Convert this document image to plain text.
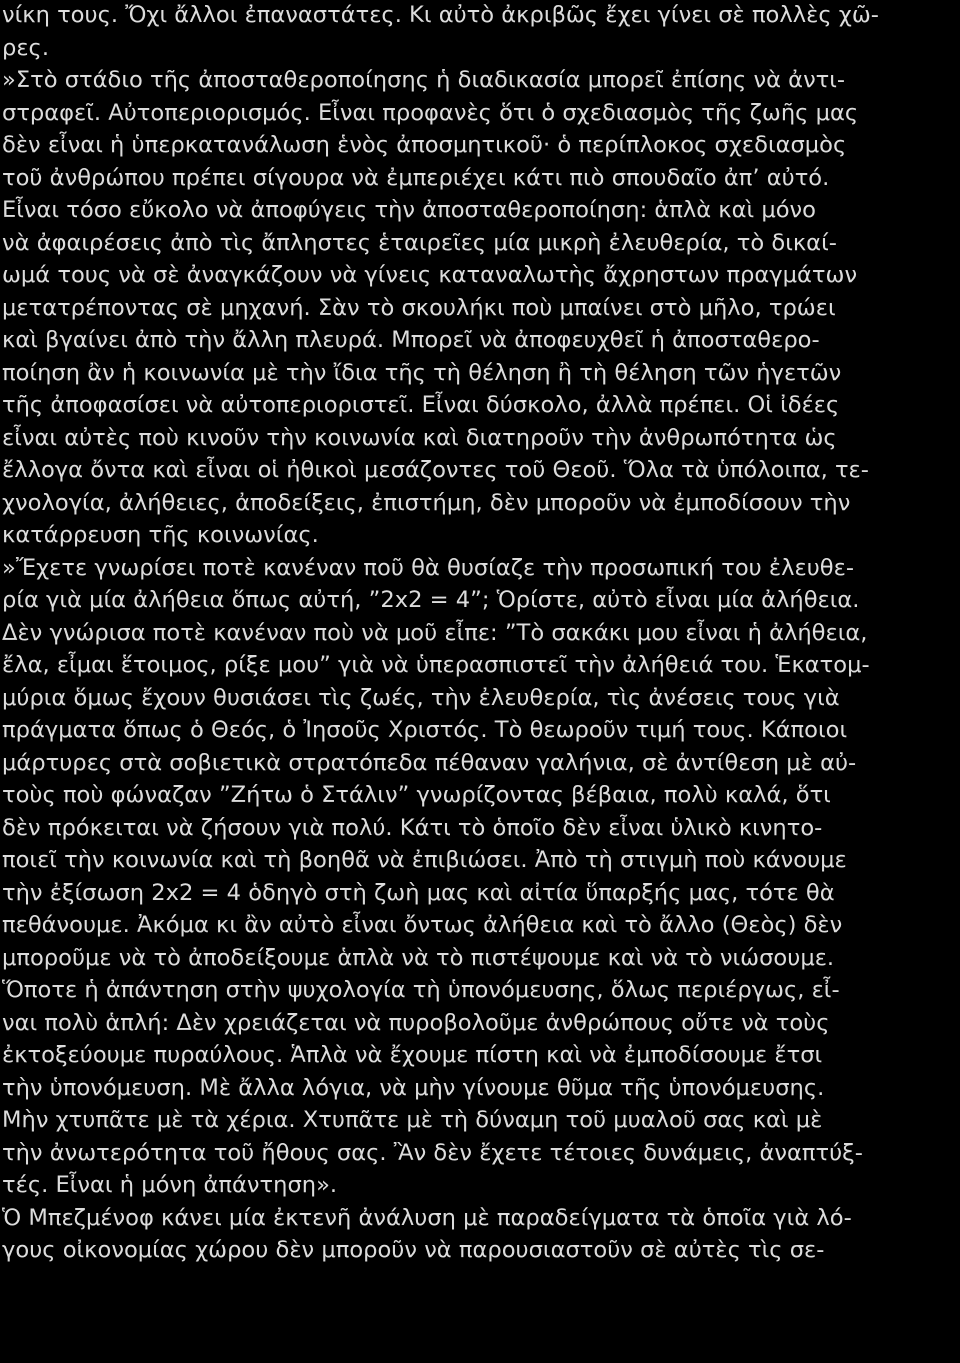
νίκη τους. Ὄχι ἄλλοι ἐπαναστάτες. Κι αὐτὸ ἀκριβῶς ἔχει γίνει σὲ πολλὲς χῶ-
ρες.
»Στὸ στάδιο τῆς ἀποσταθεροποίησης ἡ διαδικασία μπορεῖ ἐπίσης νὰ ἀντι-
στραφεῖ. Αὐτοπεριορισμός. Εἶναι προφανὲς ὅτι ὁ σχεδιασμὸς τῆς ζωῆς μας
δὲν εἶναι ἡ ὑπερκατανάλωση ἑνὸς ἀποσμητικοῦ· ὁ περίπλοκος σχεδιασμὸς
τοῦ ἀνθρώπου πρέπει σίγουρα νὰ ἐμπεριέχει κάτι πιὸ σπουδαῖο ἀπ’ αὐτό.
Εἶναι τόσο εὔκολο νὰ ἀποφύγεις τὴν ἀποσταθεροποίηση: ἁπλὰ καὶ μόνο
νὰ ἀφαιρέσεις ἀπὸ τὶς ἄπληστες ἑταιρεῖες μία μικρὴ ἐλευθερία, τὸ δικαί-
ωμά τους νὰ σὲ ἀναγκάζουν νὰ γίνεις καταναλωτὴς ἄχρηστων πραγμάτων
μετατρέποντας σὲ μηχανή. Σὰν τὸ σκουλήκι ποὺ μπαίνει στὸ μῆλο, τρώει
καὶ βγαίνει ἀπὸ τὴν ἄλλη πλευρά. Μπορεῖ νὰ ἀποφευχθεῖ ἡ ἀποσταθερο-
ποίηση ἂν ἡ κοινωνία μὲ τὴν ἴδια τῆς τὴ θέληση ἢ τὴ θέληση τῶν ἡγετῶν
τῆς ἀποφασίσει νὰ αὐτοπεριοριστεῖ. Εἶναι δύσκολο, ἀλλὰ πρέπει. Οἱ ἰδέες
εἶναι αὐτὲς ποὺ κινοῦν τὴν κοινωνία καὶ διατηροῦν τὴν ἀνθρωπότητα ὡς
ἔλλογα ὄντα καὶ εἶναι οἱ ἠθικοὶ μεσάζοντες τοῦ Θεοῦ. Ὅλα τὰ ὑπόλοιπα, τε-
χνολογία, ἀλήθειες, ἀποδείξεις, ἐπιστήμη, δὲν μποροῦν νὰ ἐμποδίσουν τὴν
κατάρρευση τῆς κοινωνίας.
»Ἔχετε γνωρίσει ποτὲ κανέναν ποῦ θὰ θυσίαζε τὴν προσωπική του ἐλευθε-
ρία γιὰ μία ἀλήθεια ὅπως αὐτή, ”2x2 = 4”; Ὁρίστε, αὐτὸ εἶναι μία ἀλήθεια.
Δὲν γνώρισα ποτὲ κανέναν ποὺ νὰ μοῦ εἶπε: ”Τὸ σακάκι μου εἶναι ἡ ἀλήθεια,
ἔλα, εἶμαι ἕτοιμος, ρίξε μου” γιὰ νὰ ὑπερασπιστεῖ τὴν ἀλήθειά του. Ἑκατομ-
μύρια ὅμως ἔχουν θυσιάσει τὶς ζωές, τὴν ἐλευθερία, τὶς ἀνέσεις τους γιὰ
πράγματα ὅπως ὁ Θεός, ὁ Ἰησοῦς Χριστός. Τὸ θεωροῦν τιμή τους. Κάποιοι
μάρτυρες στὰ σοβιετικὰ στρατόπεδα πέθαναν γαλήνια, σὲ ἀντίθεση μὲ αὐ-
τοὺς ποὺ φώναζαν ”Ζήτω ὁ Στάλιν” γνωρίζοντας βέβαια, πολὺ καλά, ὅτι
δὲν πρόκειται νὰ ζήσουν γιὰ πολύ. Κάτι τὸ ὁποῖο δὲν εἶναι ὑλικὸ κινητο-
ποιεῖ τὴν κοινωνία καὶ τὴ βοηθᾶ νὰ ἐπιβιώσει. Ἀπὸ τὴ στιγμὴ ποὺ κάνουμε
τὴν ἐξίσωση 2x2 = 4 ὁδηγὸ στὴ ζωὴ μας καὶ αἰτία ὕπαρξής μας, τότε θὰ
πεθάνουμε. Ἀκόμα κι ἂν αὐτὸ εἶναι ὄντως ἀλήθεια καὶ τὸ ἄλλο (Θεὸς) δὲν
μποροῦμε νὰ τὸ ἀποδείξουμε ἁπλὰ νὰ τὸ πιστέψουμε καὶ νὰ τὸ νιώσουμε.
Ὅποτε ἡ ἀπάντηση στὴν ψυχολογία τὴ ὑπονόμευσης, ὅλως περιέργως, εἶ-
ναι πολὺ ἁπλή: Δὲν χρειάζεται νὰ πυροβολοῦμε ἀνθρώπους οὔτε νὰ τοὺς
ἐκτοξεύουμε πυραύλους. Ἁπλὰ νὰ ἔχουμε πίστη καὶ νὰ ἐμποδίσουμε ἔτσι
τὴν ὑπονόμευση. Μὲ ἄλλα λόγια, νὰ μὴν γίνουμε θῦμα τῆς ὑπονόμευσης.
Μὴν χτυπᾶτε μὲ τὰ χέρια. Χτυπᾶτε μὲ τὴ δύναμη τοῦ μυαλοῦ σας καὶ μὲ
τὴν ἀνωτερότητα τοῦ ἤθους σας. Ἂν δὲν ἔχετε τέτοιες δυνάμεις, ἀναπτύξ-
τές. Εἶναι ἡ μόνη ἀπάντηση».
Ὁ Μπεζμένοφ κάνει μία ἐκτενῆ ἀνάλυση μὲ παραδείγματα τὰ ὁποῖα γιὰ λό-
γους οἰκονομίας χώρου δὲν μποροῦν νὰ παρουσιαστοῦν σὲ αὐτὲς τὶς σε-
